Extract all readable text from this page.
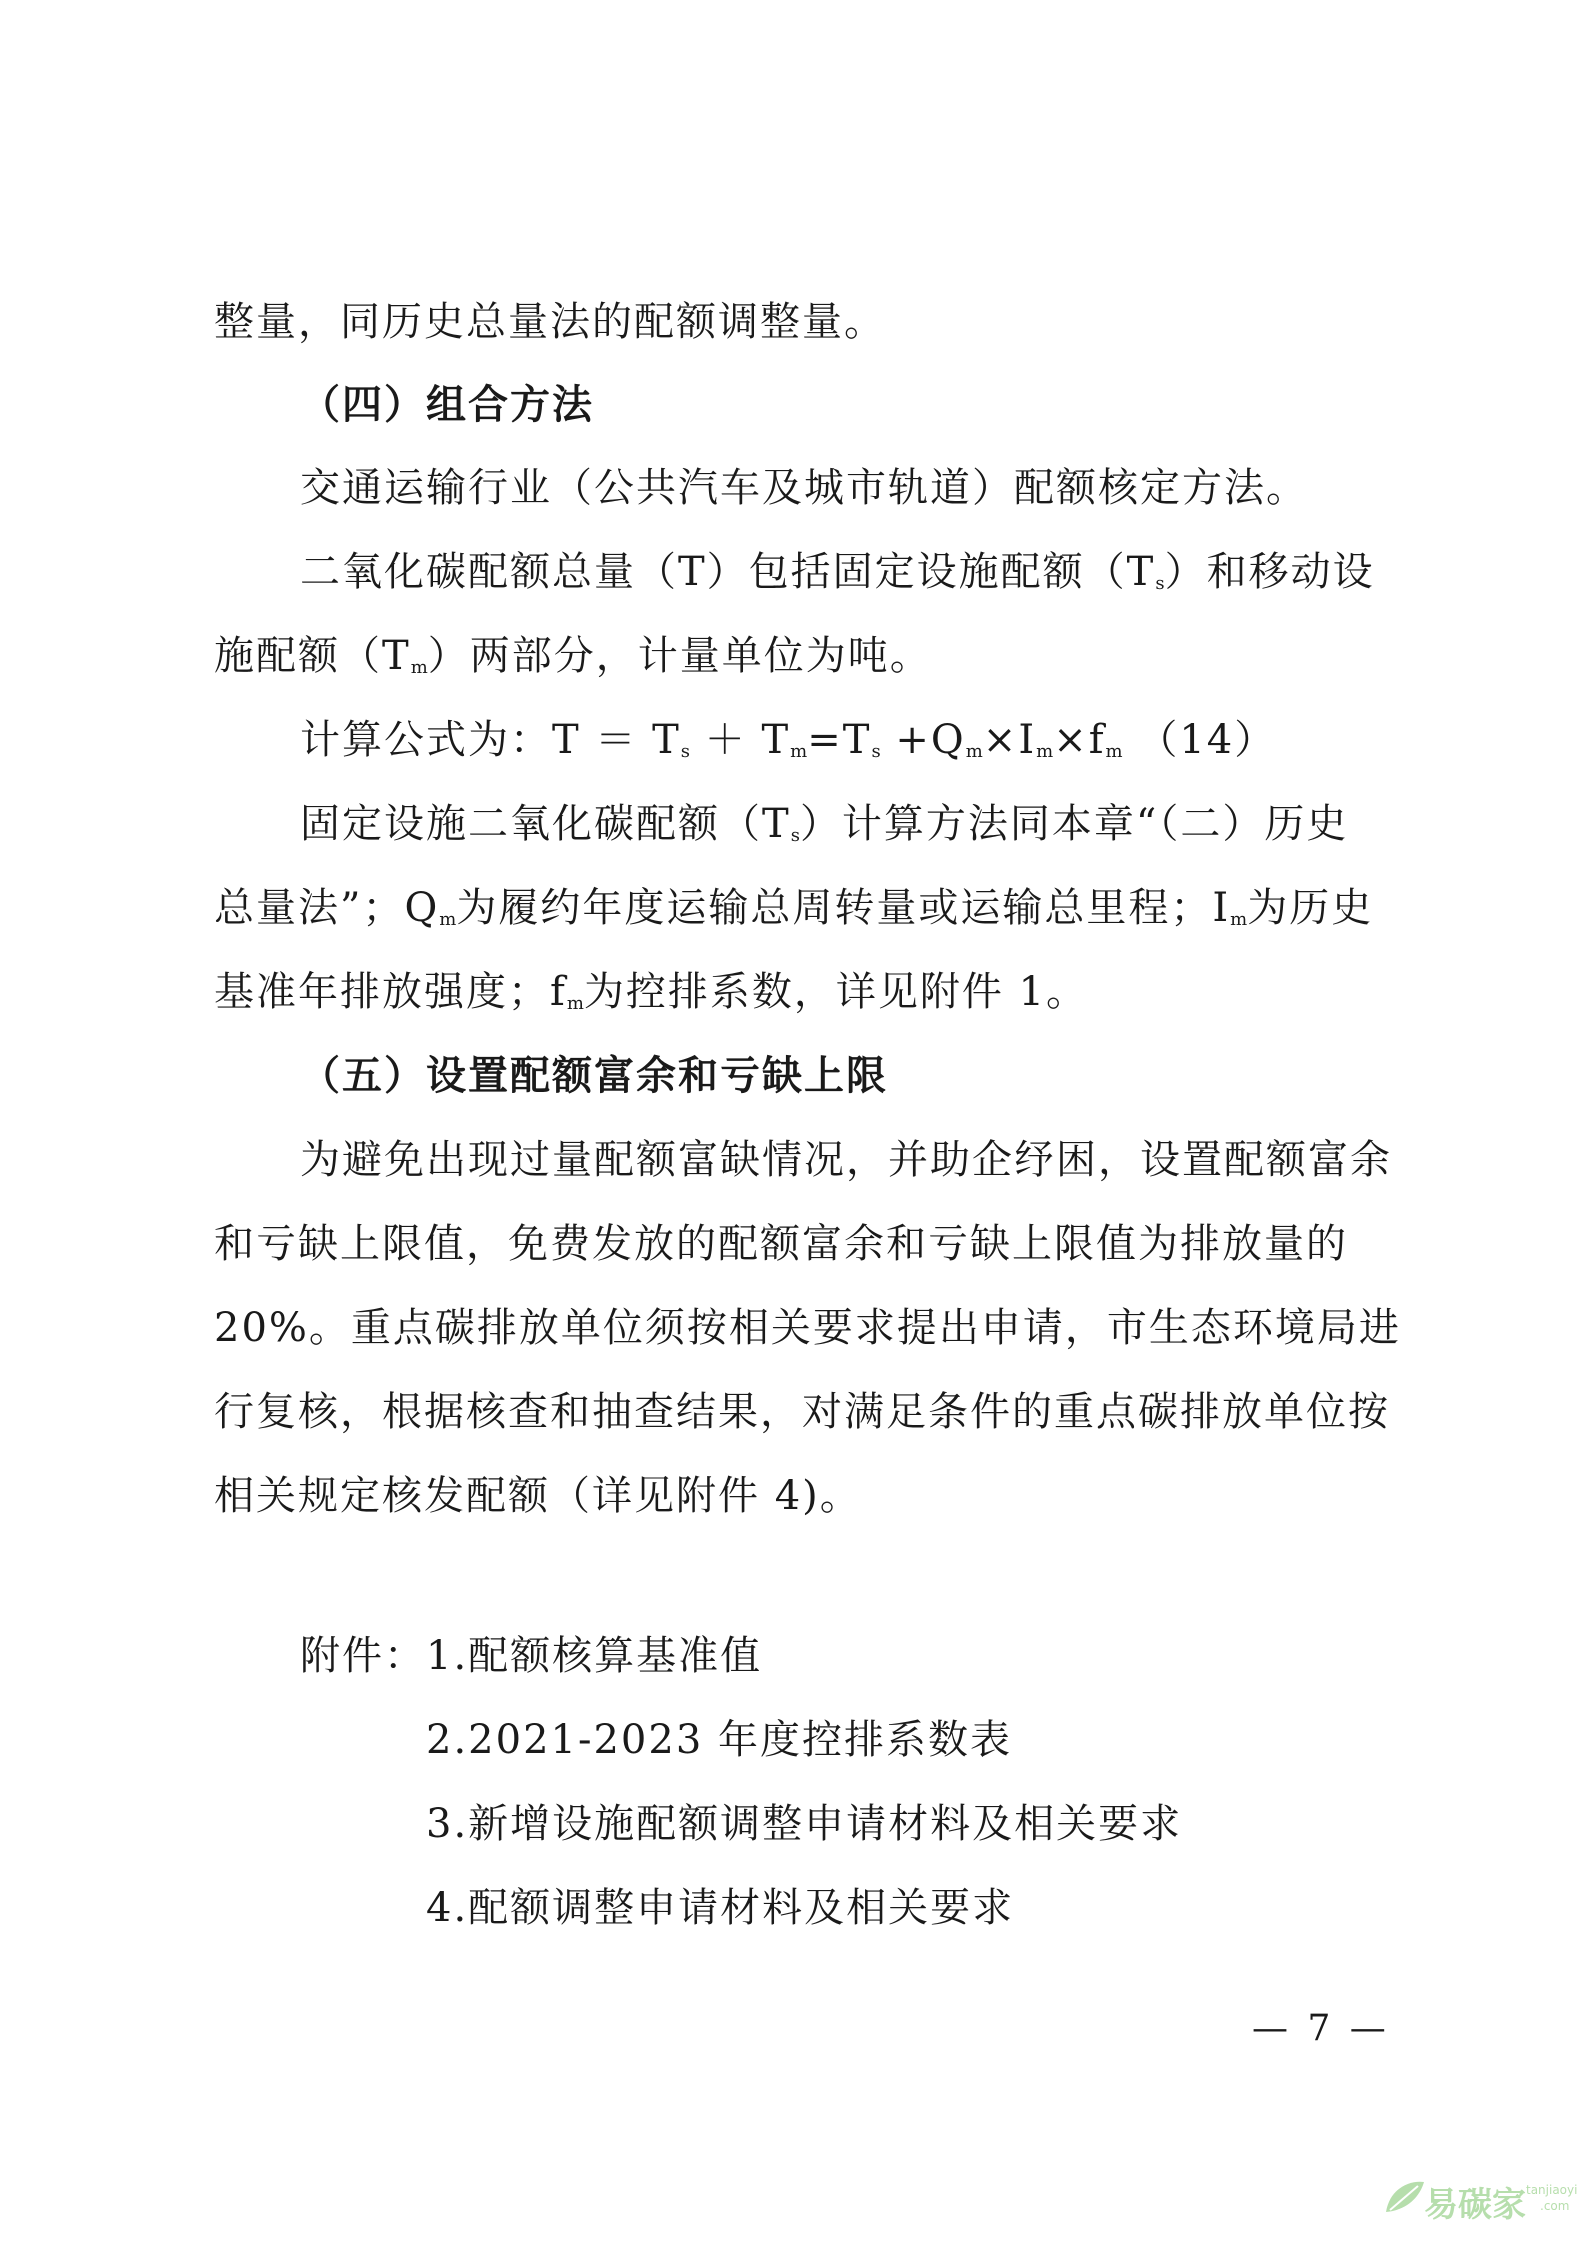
整量，同历史总量法的配额调整量。
（四）组合方法
交通运输行业（公共汽车及城市轨道）配额核定方法。
二氧化碳配额总量（T）包括固定设施配额$(T_s)$和移动设
施配额$(T_m)$两部分，计量单位为吨。
计算公式为：$T = T_s + T_m=T_s +Q_m\times I_m\times f_m$ （14）
固定设施二氧化碳配额$(T_s)$计算方法同本章“（二）历史
总量法”；$Q_m$为履约年度运输总周转量或运输总里程；$I_m$为历史
基准年排放强度；$f_m$为控排系数，详见附件 1。
（五）设置配额富余和亏缺上限
为避免出现过量配额富缺情况，并助企纾困，设置配额富余
和亏缺上限值，免费发放的配额富余和亏缺上限值为排放量的
20%。重点碳排放单位须按相关要求提出申请，市生态环境局进
行复核，根据核查和抽查结果，对满足条件的重点碳排放单位按
相关规定核发配额（详见附件 4)。
附件： 1.配额核算基准值
2.2021-2023 年度控排系数表
3.新增设施配额调整申请材料及相关要求
4.配额调整申请材料及相关要求
— 7 —
易碳家 tanjiaoyi
.com
